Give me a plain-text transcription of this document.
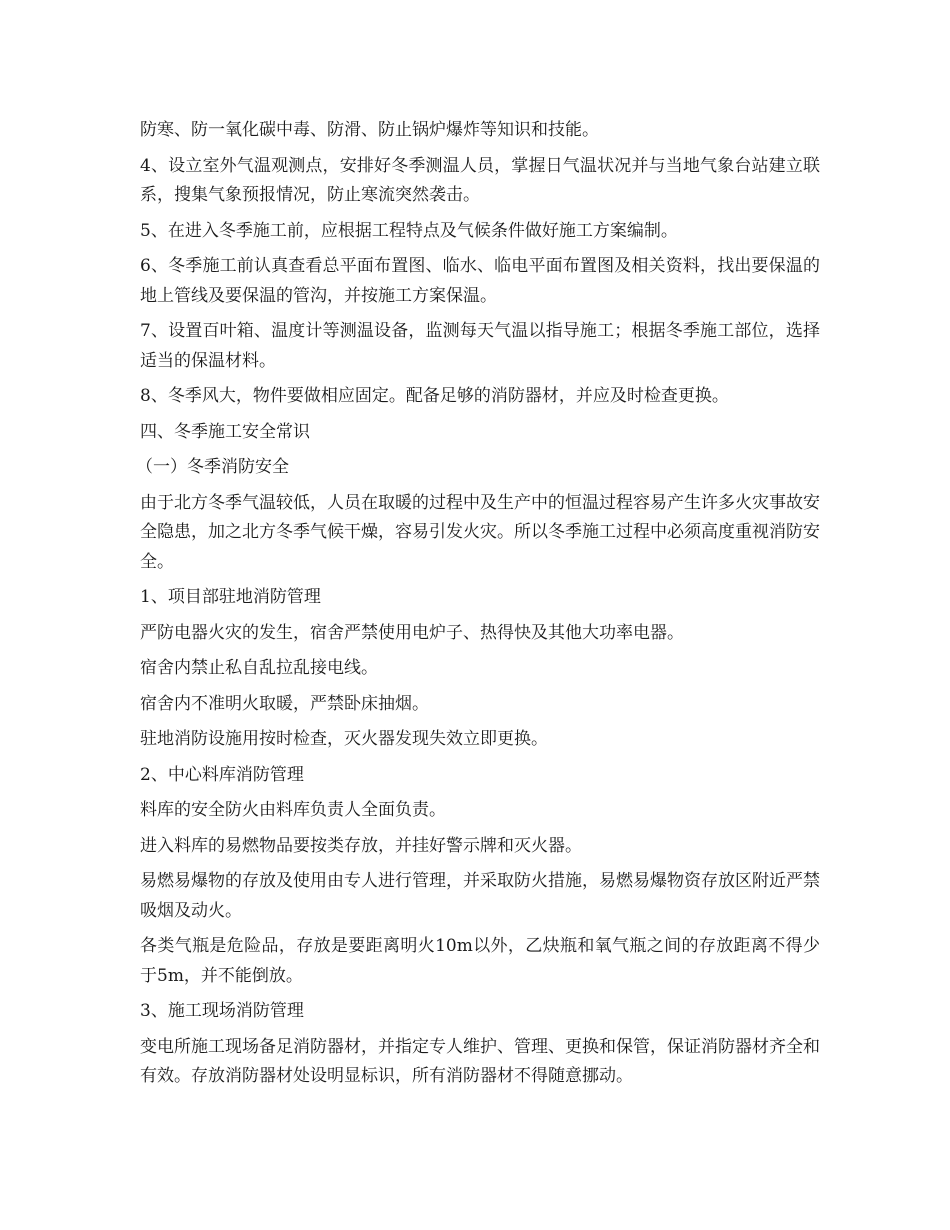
防寒、防一氧化碳中毒、防滑、防止锅炉爆炸等知识和技能。

4、设立室外气温观测点，安排好冬季测温人员，掌握日气温状况并与当地气象台站建立联系，搜集气象预报情况，防止寒流突然袭击。

5、在进入冬季施工前，应根据工程特点及气候条件做好施工方案编制。

6、冬季施工前认真查看总平面布置图、临水、临电平面布置图及相关资料，找出要保温的地上管线及要保温的管沟，并按施工方案保温。

7、设置百叶箱、温度计等测温设备，监测每天气温以指导施工；根据冬季施工部位，选择适当的保温材料。

8、冬季风大，物件要做相应固定。配备足够的消防器材，并应及时检查更换。

四、冬季施工安全常识

（一）冬季消防安全

由于北方冬季气温较低，人员在取暖的过程中及生产中的恒温过程容易产生许多火灾事故安全隐患，加之北方冬季气候干燥，容易引发火灾。所以冬季施工过程中必须高度重视消防安全。

1、项目部驻地消防管理

严防电器火灾的发生，宿舍严禁使用电炉子、热得快及其他大功率电器。

宿舍内禁止私自乱拉乱接电线。

宿舍内不准明火取暖，严禁卧床抽烟。

驻地消防设施用按时检查，灭火器发现失效立即更换。

2、中心料库消防管理

料库的安全防火由料库负责人全面负责。

进入料库的易燃物品要按类存放，并挂好警示牌和灭火器。

易燃易爆物的存放及使用由专人进行管理，并采取防火措施，易燃易爆物资存放区附近严禁吸烟及动火。

各类气瓶是危险品，存放是要距离明火10m以外，乙炔瓶和氧气瓶之间的存放距离不得少于5m，并不能倒放。

3、施工现场消防管理

变电所施工现场备足消防器材，并指定专人维护、管理、更换和保管，保证消防器材齐全和有效。存放消防器材处设明显标识，所有消防器材不得随意挪动。
